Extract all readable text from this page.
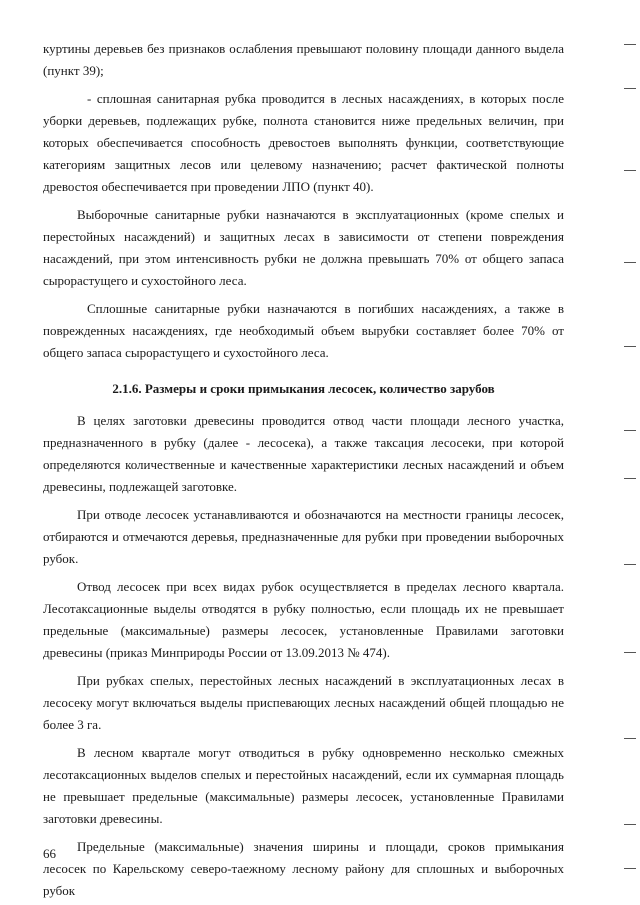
куртины деревьев без признаков ослабления превышают половину площади данного выдела (пункт 39);

- сплошная санитарная рубка проводится в лесных насаждениях, в которых после уборки деревьев, подлежащих рубке, полнота становится ниже предельных величин, при которых обеспечивается способность древостоев выполнять функции, соответствующие категориям защитных лесов или целевому назначению; расчет фактической полноты древостоя обеспечивается при проведении ЛПО (пункт 40).

Выборочные санитарные рубки назначаются в эксплуатационных (кроме спелых и перестойных насаждений) и защитных лесах в зависимости от степени повреждения насаждений, при этом интенсивность рубки не должна превышать 70% от общего запаса сырорастущего и сухостойного леса.

Сплошные санитарные рубки назначаются в погибших насаждениях, а также в поврежденных насаждениях, где необходимый объем вырубки составляет более 70% от общего запаса сырорастущего и сухостойного леса.

2.1.6. Размеры и сроки примыкания лесосек, количество зарубов

В целях заготовки древесины проводится отвод части площади лесного участка, предназначенного в рубку (далее - лесосека), а также таксация лесосеки, при которой определяются количественные и качественные характеристики лесных насаждений и объем древесины, подлежащей заготовке.

При отводе лесосек устанавливаются и обозначаются на местности границы лесосек, отбираются и отмечаются деревья, предназначенные для рубки при проведении выборочных рубок.

Отвод лесосек при всех видах рубок осуществляется в пределах лесного квартала. Лесотаксационные выделы отводятся в рубку полностью, если площадь их не превышает предельные (максимальные) размеры лесосек, установленные Правилами заготовки древесины (приказ Минприроды России от 13.09.2013 № 474).

При рубках спелых, перестойных лесных насаждений в эксплуатационных лесах в лесосеку могут включаться выделы приспевающих лесных насаждений общей площадью не более 3 га.

В лесном квартале могут отводиться в рубку одновременно несколько смежных лесотаксационных выделов спелых и перестойных насаждений, если их суммарная площадь не превышает предельные (максимальные) размеры лесосек, установленные Правилами заготовки древесины.

Предельные (максимальные) значения ширины и площади, сроков примыкания лесосек по Карельскому северо-таежному лесному району для сплошных и выборочных рубок

66
